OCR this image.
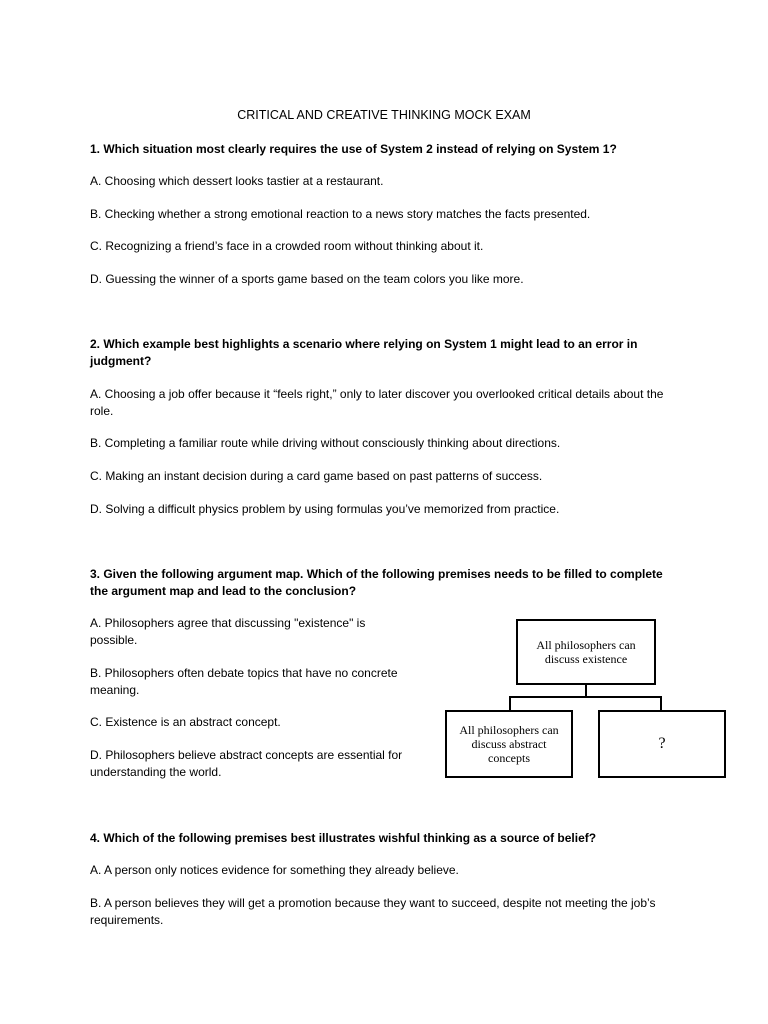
CRITICAL AND CREATIVE THINKING MOCK EXAM
1. Which situation most clearly requires the use of System 2 instead of relying on System 1?
A. Choosing which dessert looks tastier at a restaurant.
B. Checking whether a strong emotional reaction to a news story matches the facts presented.
C. Recognizing a friend’s face in a crowded room without thinking about it.
D. Guessing the winner of a sports game based on the team colors you like more.
2. Which example best highlights a scenario where relying on System 1 might lead to an error in judgment?
A. Choosing a job offer because it “feels right,” only to later discover you overlooked critical details about the role.
B. Completing a familiar route while driving without consciously thinking about directions.
C. Making an instant decision during a card game based on past patterns of success.
D. Solving a difficult physics problem by using formulas you’ve memorized from practice.
3. Given the following argument map. Which of the following premises needs to be filled to complete the argument map and lead to the conclusion?
A. Philosophers agree that discussing "existence" is possible.
B. Philosophers often debate topics that have no concrete meaning.
C. Existence is an abstract concept.
D. Philosophers believe abstract concepts are essential for understanding the world.
All philosophers can discuss existence
All philosophers can discuss abstract concepts
?
4. Which of the following premises best illustrates wishful thinking as a source of belief?
A. A person only notices evidence for something they already believe.
B. A person believes they will get a promotion because they want to succeed, despite not meeting the job’s requirements.
